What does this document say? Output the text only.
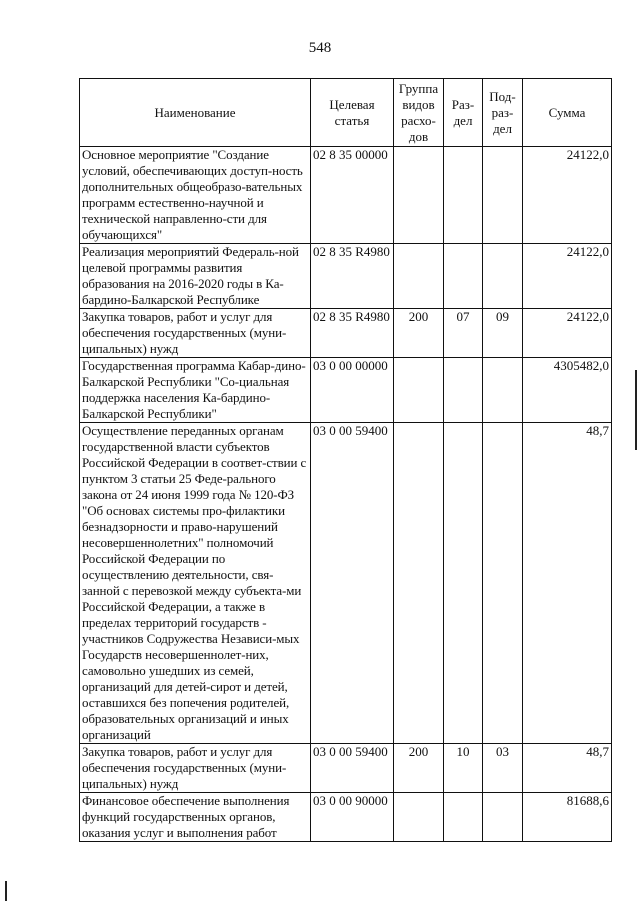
548
Наименование	Целевая статья	Группа видов расхо-дов	Раз-дел	Под-раз-дел	Сумма
Основное мероприятие "Создание условий, обеспечивающих доступ-ность дополнительных общеобразо-вательных программ естественно-научной и технической направленно-сти для обучающихся"	02 8 35 00000				24122,0
Реализация мероприятий Федераль-ной целевой программы развития образования на 2016-2020 годы в Ка-бардино-Балкарской Республике	02 8 35 R4980				24122,0
Закупка товаров, работ и услуг для обеспечения государственных (муни-ципальных) нужд	02 8 35 R4980	200	07	09	24122,0
Государственная программа Кабар-дино-Балкарской Республики "Со-циальная поддержка населения Ка-бардино-Балкарской Республики"	03 0 00 00000				4305482,0
Осуществление переданных органам государственной власти субъектов Российской Федерации в соответ-ствии с пунктом 3 статьи 25 Феде-рального закона от 24 июня 1999 года № 120-ФЗ "Об основах системы про-филактики безнадзорности и право-нарушений несовершеннолетних" полномочий Российской Федерации по осуществлению деятельности, свя-занной с перевозкой между субъекта-ми Российской Федерации, а также в пределах территорий государств - участников Содружества Независи-мых Государств несовершеннолет-них, самовольно ушедших из семей, организаций для детей-сирот и детей, оставшихся без попечения родителей, образовательных организаций и иных организаций	03 0 00 59400				48,7
Закупка товаров, работ и услуг для обеспечения государственных (муни-ципальных) нужд	03 0 00 59400	200	10	03	48,7
Финансовое обеспечение выполнения функций государственных органов, оказания услуг и выполнения работ	03 0 00 90000				81688,6
